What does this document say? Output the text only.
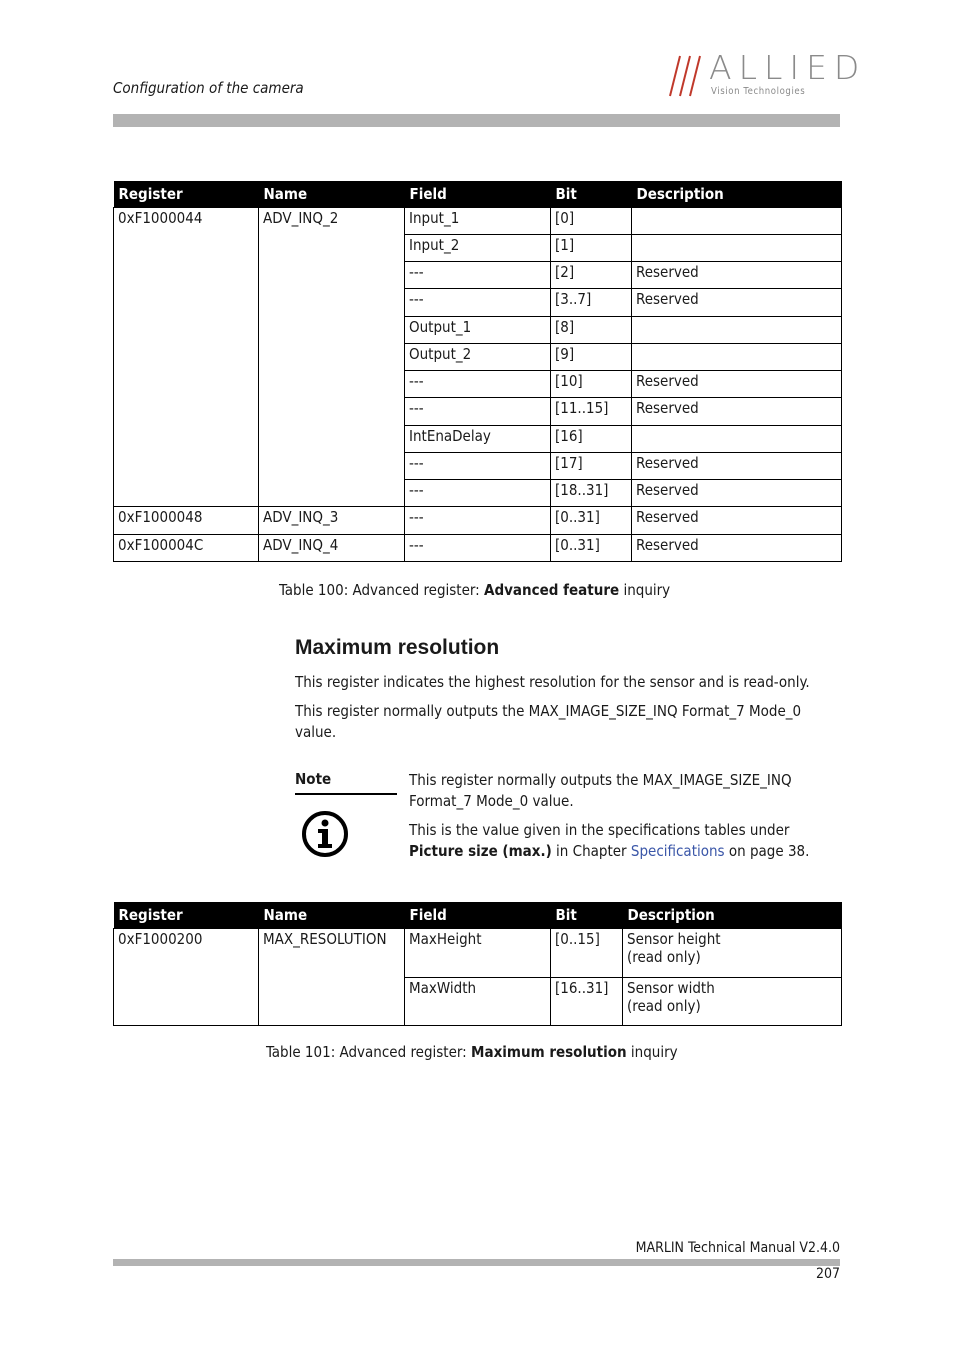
Configuration of the camera
ALLIED
Vision Technologies
Register	Name	Field	Bit	Description
0xF1000044	ADV_INQ_2	Input_1	[0]	
		Input_2	[1]	
		---	[2]	Reserved
		---	[3..7]	Reserved
		Output_1	[8]	
		Output_2	[9]	
		---	[10]	Reserved
		---	[11..15]	Reserved
		IntEnaDelay	[16]	
		---	[17]	Reserved
		---	[18..31]	Reserved
0xF1000048	ADV_INQ_3	---	[0..31]	Reserved
0xF100004C	ADV_INQ_4	---	[0..31]	Reserved
Table 100: Advanced register: Advanced feature inquiry
Maximum resolution
This register indicates the highest resolution for the sensor and is read-only.
This register normally outputs the MAX_IMAGE_SIZE_INQ Format_7 Mode_0 value.
Note	This register normally outputs the MAX_IMAGE_SIZE_INQ Format_7 Mode_0 value.
This is the value given in the specifications tables under Picture size (max.) in Chapter Specifications on page 38.
Register	Name	Field	Bit	Description
0xF1000200	MAX_RESOLUTION	MaxHeight	[0..15]	Sensor height
(read only)

		MaxWidth	[16..31]	Sensor width
(read only)
Table 101: Advanced register: Maximum resolution inquiry
MARLIN Technical Manual V2.4.0
207
